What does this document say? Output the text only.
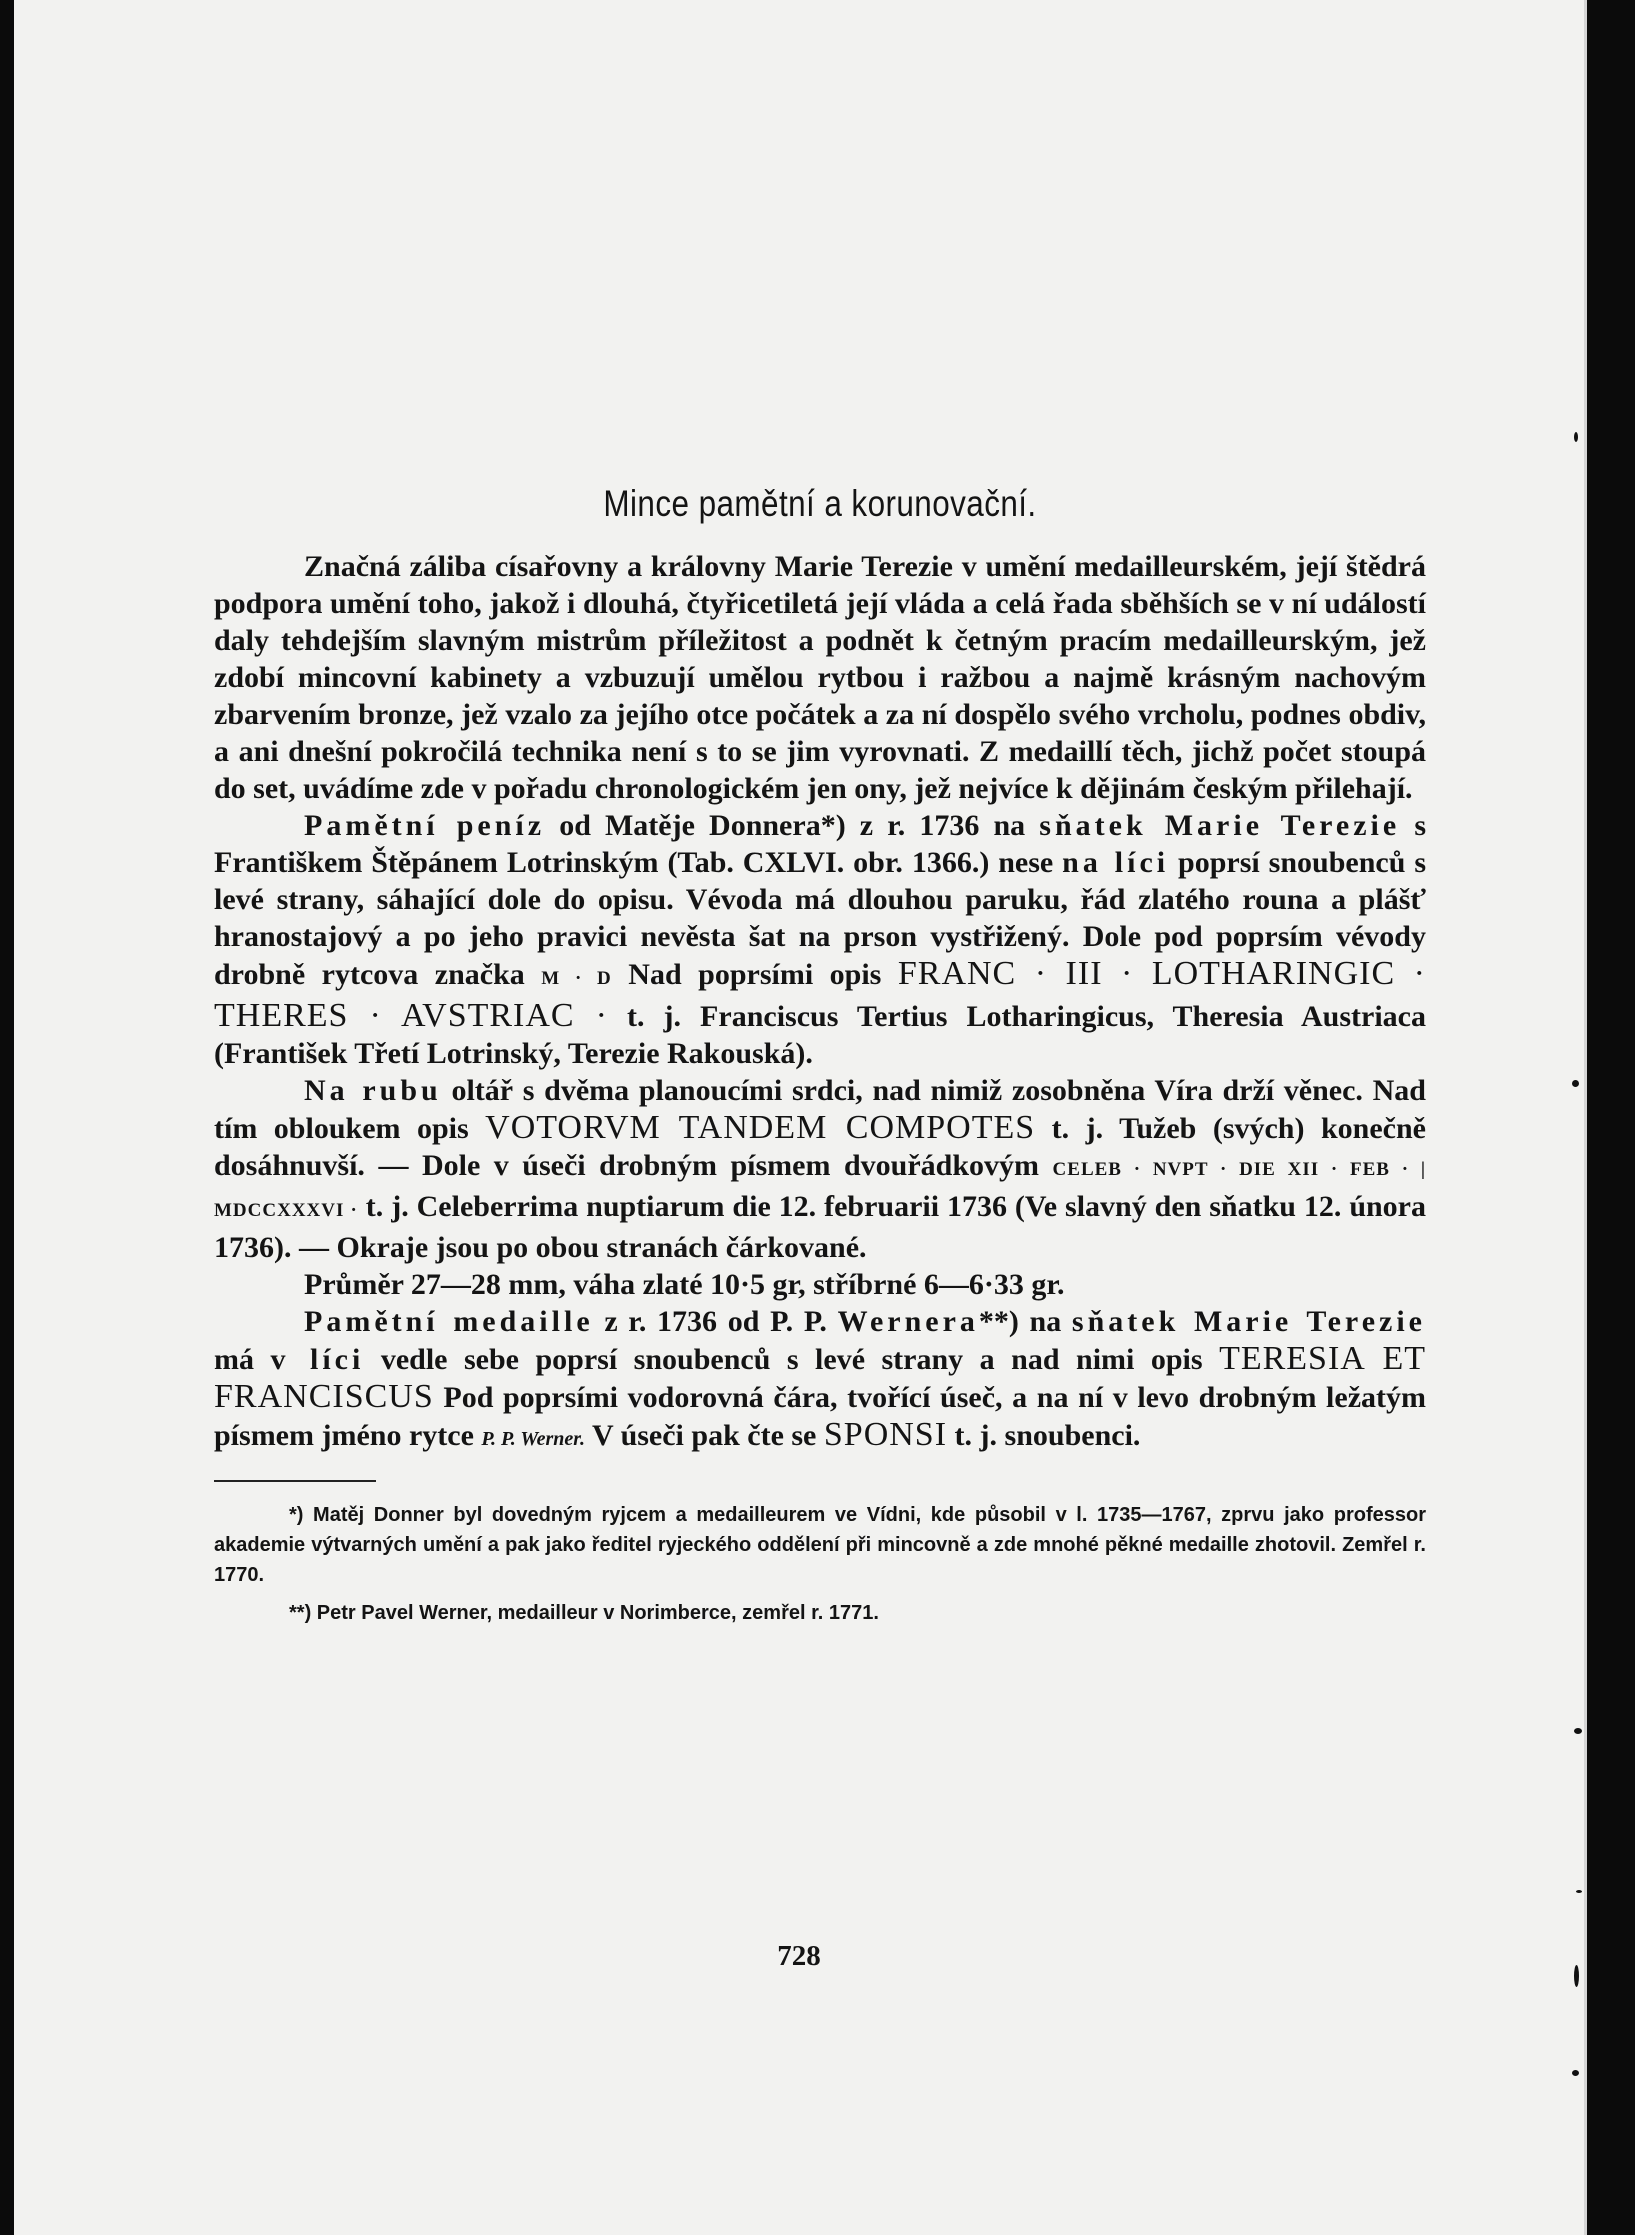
Mince pamětní a korunovační.

Značná záliba císařovny a královny Marie Terezie v umění medailleurském, její štědrá podpora umění toho, jakož i dlouhá, čtyřicetiletá její vláda a celá řada sběhších se v ní událostí daly tehdejším slavným mistrům příležitost a podnět k četným pracím medailleurským, jež zdobí mincovní kabinety a vzbuzují umělou rytbou i ražbou a najmě krásným nachovým zbarvením bronze, jež vzalo za jejího otce počátek a za ní dospělo svého vrcholu, podnes obdiv, a ani dnešní pokročilá technika není s to se jim vyrovnati. Z medaillí těch, jichž počet stoupá do set, uvádíme zde v pořadu chronologickém jen ony, jež nejvíce k dějinám českým přilehají.

Pamětní peníz od Matěje Donnera*) z r. 1736 na sňatek Marie Terezie s Františkem Štěpánem Lotrinským (Tab. CXLVI. obr. 1366.) nese na líci poprsí snoubenců s levé strany, sáhající dole do opisu. Vévoda má dlouhou paruku, řád zlatého rouna a plášť hranostajový a po jeho pravici nevěsta šat na prson vystřižený. Dole pod poprsím vévody drobně rytcova značka M · D Nad poprsími opis FRANC · III · LOTHARINGIC · THERES · AVSTRIAC · t. j. Franciscus Tertius Lotharingicus, Theresia Austriaca (František Třetí Lotrinský, Terezie Rakouská).

Na rubu oltář s dvěma planoucími srdci, nad nimiž zosobněna Víra drží věnec. Nad tím obloukem opis VOTORVM TANDEM COMPOTES t. j. Tužeb (svých) konečně dosáhnuvší. — Dole v úseči drobným písmem dvouřádkovým CELEB · NVPT · DIE XII · FEB · | MDCCXXXVI · t. j. Celeberrima nuptiarum die 12. februarii 1736 (Ve slavný den sňatku 12. února 1736). — Okraje jsou po obou stranách čárkované.

Průměr 27—28 mm, váha zlaté 10·5 gr, stříbrné 6—6·33 gr.

Pamětní medaille z r. 1736 od P. P. Wernera**) na sňatek Marie Terezie má v líci vedle sebe poprsí snoubenců s levé strany a nad nimi opis TERESIA ET FRANCISCUS Pod poprsími vodorovná čára, tvořící úseč, a na ní v levo drobným ležatým písmem jméno rytce P. P. Werner. V úseči pak čte se SPONSI t. j. snoubenci.

*) Matěj Donner byl dovedným ryjcem a medailleurem ve Vídni, kde působil v l. 1735—1767, zprvu jako professor akademie výtvarných umění a pak jako ředitel ryjeckého oddělení při mincovně a zde mnohé pěkné medaille zhotovil. Zemřel r. 1770.

**) Petr Pavel Werner, medailleur v Norimberce, zemřel r. 1771.

728
